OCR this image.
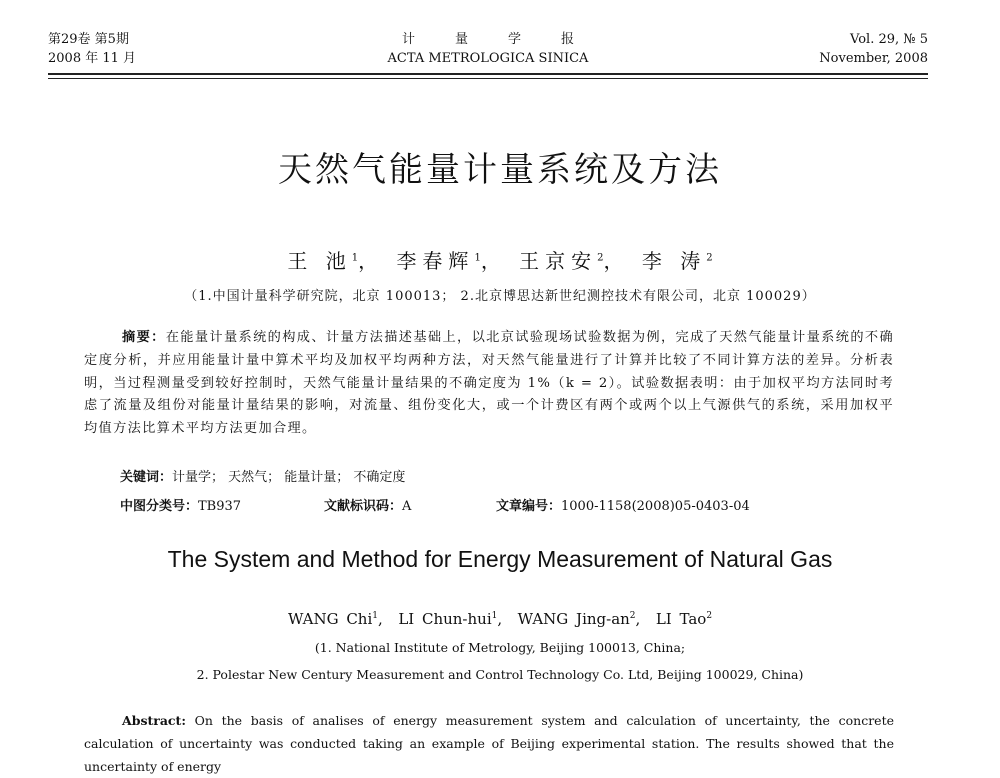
第29卷 第5期
2008 年 11 月
计量学报
ACTA METROLOGICA SINICA
Vol. 29, № 5
November, 2008
天然气能量计量系统及方法
王 池$^1$， 李春辉$^1$， 王京安$^2$， 李 涛$^2$
（1.中国计量科学研究院，北京 100013； 2.北京博思达新世纪测控技术有限公司，北京 100029）
摘要：在能量计量系统的构成、计量方法描述基础上，以北京试验现场试验数据为例，完成了天然气能量计量系统的不确定度分析，并应用能量计量中算术平均及加权平均两种方法，对天然气能量进行了计算并比较了不同计算方法的差异。分析表明，当过程测量受到较好控制时，天然气能量计量结果的不确定度为 1%（k = 2）。试验数据表明：由于加权平均方法同时考虑了流量及组份对能量计量结果的影响，对流量、组份变化大，或一个计费区有两个或两个以上气源供气的系统，采用加权平均值方法比算术平均方法更加合理。
关键词：计量学； 天然气； 能量计量； 不确定度
中图分类号：TB937	文献标识码：A	文章编号：1000-1158(2008)05-0403-04
The System and Method for Energy Measurement of Natural Gas
WANG Chi$^1$,  LI Chun-hui$^1$,  WANG Jing-$an^2$,  LI Tao$^2$
(1. National Institute of Metrology, Beijing 100013, China;
2. Polestar New Century Measurement and Control Technology Co. Ltd, Beijing 100029, China)
Abstract: On the basis of analises of energy measurement system and calculation of uncertainty, the concrete calculation of uncertainty was conducted taking an example of Beijing experimental station. The results showed that the uncertainty of energy
